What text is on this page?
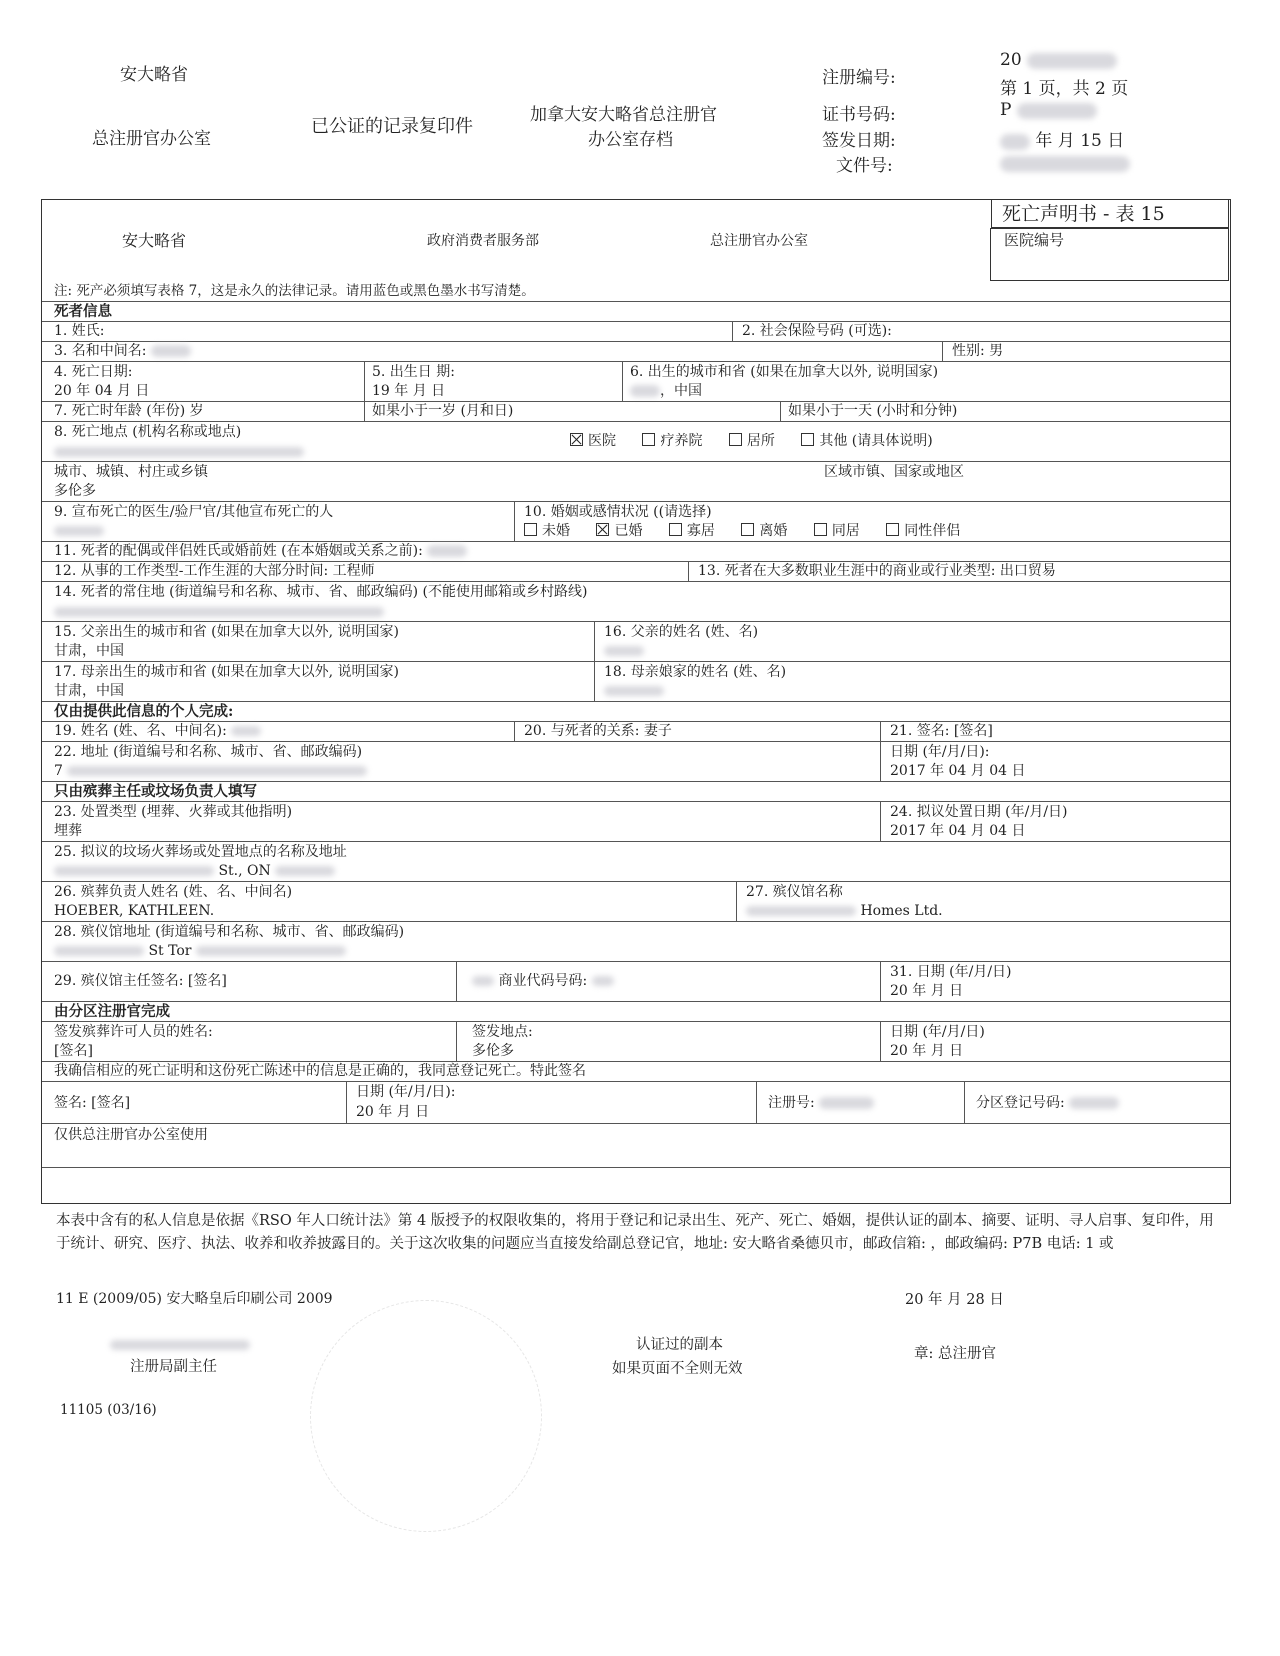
安大略省
总注册官办公室
已公证的记录复印件
加拿大安大略省总注册官
办公室存档
注册编号:
20
第 1 页，共 2 页
证书号码:	P
签发日期:	年 月 15 日
文件号:
安大略省	政府消费者服务部	总注册官办公室
死亡声明书 - 表 15
医院编号
注: 死产必须填写表格 7，这是永久的法律记录。请用蓝色或黑色墨水书写清楚。
死者信息
1. 姓氏:	2. 社会保险号码 (可选):
3. 名和中间名:	性别: 男
4. 死亡日期:
20 年 04 月 日
5. 出生日 期:
19 年 月 日
6. 出生的城市和省 (如果在加拿大以外, 说明国家)
，中国
7. 死亡时年龄 (年份) 岁	如果小于一岁 (月和日)	如果小于一天 (小时和分钟)
8. 死亡地点 (机构名称或地点)
医院	疗养院	居所	其他 (请具体说明)
城市、城镇、村庄或乡镇
多伦多
区域市镇、国家或地区
9. 宣布死亡的医生/验尸官/其他宣布死亡的人	10. 婚姻或感情状况 ((请选择)
未婚	已婚	寡居	离婚	同居	同性伴侣
11. 死者的配偶或伴侣姓氏或婚前姓 (在本婚姻或关系之前):
12. 从事的工作类型-工作生涯的大部分时间: 工程师	13. 死者在大多数职业生涯中的商业或行业类型: 出口贸易
14. 死者的常住地 (街道编号和名称、城市、省、邮政编码) (不能使用邮箱或乡村路线)
15. 父亲出生的城市和省 (如果在加拿大以外, 说明国家)
甘肃，中国
16. 父亲的姓名 (姓、名)
17. 母亲出生的城市和省 (如果在加拿大以外, 说明国家)
甘肃，中国
18. 母亲娘家的姓名 (姓、名)
仅由提供此信息的个人完成:
19. 姓名 (姓、名、中间名):	20. 与死者的关系: 妻子	21. 签名: [签名]
22. 地址 (街道编号和名称、城市、省、邮政编码)
7
日期 (年/月/日):
2017 年 04 月 04 日
只由殡葬主任或坟场负责人填写
23. 处置类型 (埋葬、火葬或其他指明)
埋葬
24. 拟议处置日期 (年/月/日)
2017 年 04 月 04 日
25. 拟议的坟场火葬场或处置地点的名称及地址
St., ON
26. 殡葬负责人姓名 (姓、名、中间名)
HOEBER, KATHLEEN.
27. 殡仪馆名称
Homes Ltd.
28. 殡仪馆地址 (街道编号和名称、城市、省、邮政编码)
St Tor
29. 殡仪馆主任签名: [签名]	商业代码号码:
31. 日期 (年/月/日)
20 年 月 日
由分区注册官完成
签发殡葬许可人员的姓名:
[签名]
签发地点:
多伦多
日期 (年/月/日)
20 年 月 日
我确信相应的死亡证明和这份死亡陈述中的信息是正确的，我同意登记死亡。特此签名
签名: [签名]
日期 (年/月/日):
20 年 月 日
注册号:	分区登记号码:
仅供总注册官办公室使用
本表中含有的私人信息是依据《RSO 年人口统计法》第 4 版授予的权限收集的，将用于登记和记录出生、死产、死亡、婚姻，提供认证的副本、摘要、证明、寻人启事、复印件，用于统计、研究、医疗、执法、收养和收养披露目的。关于这次收集的问题应当直接发给副总登记官，地址: 安大略省桑德贝市，邮政信箱: ，邮政编码: P7B 电话: 1 或
11 E (2009/05) 安大略皇后印刷公司 2009	20 年 月 28 日
注册局副主任
认证过的副本
如果页面不全则无效
章: 总注册官
11105 (03/16)
